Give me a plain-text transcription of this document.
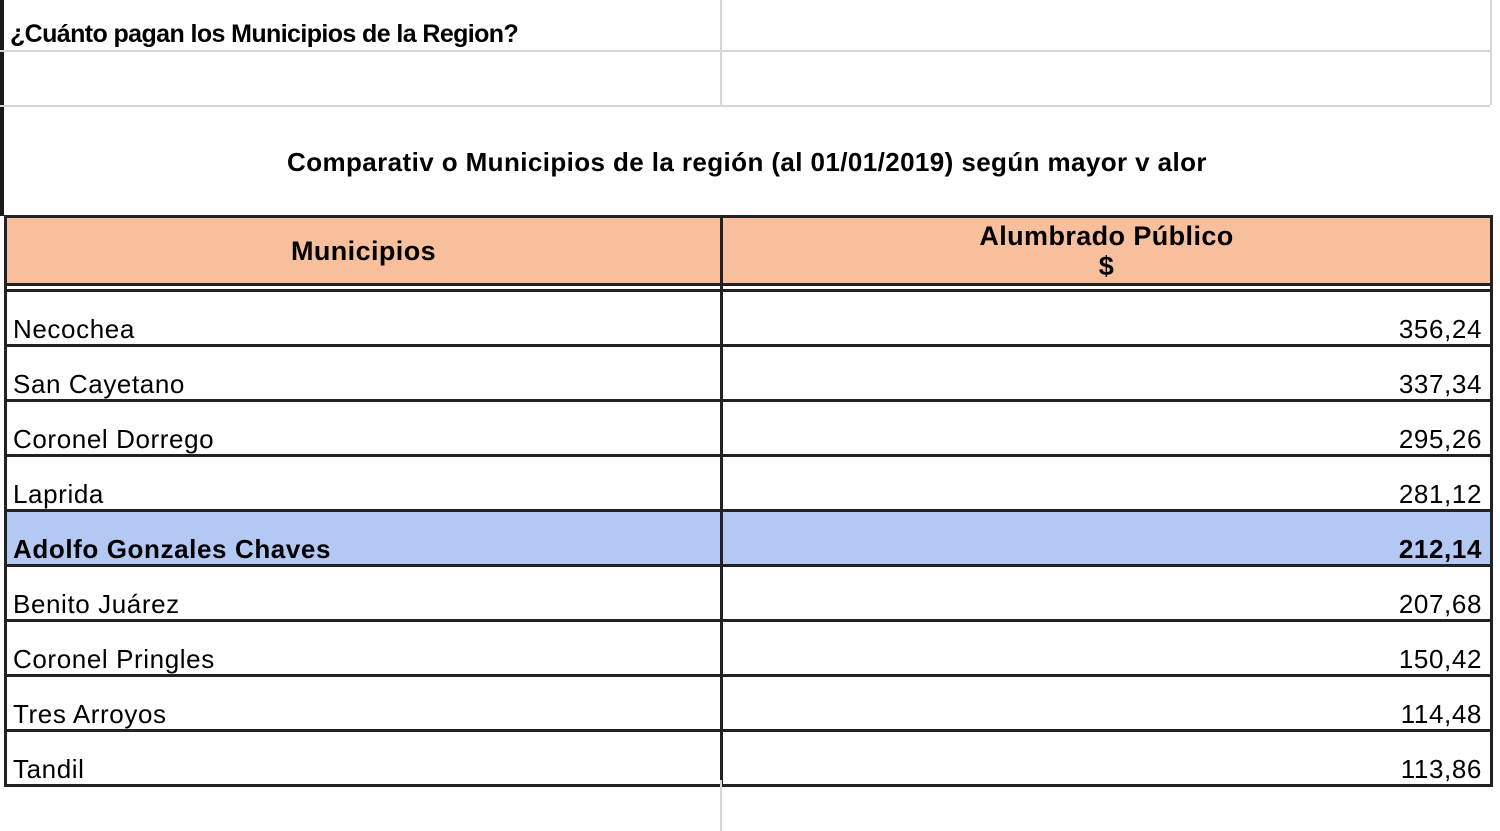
¿Cuánto pagan los Municipios de la Region?
Comparativ o Municipios de la región (al 01/01/2019) según mayor v alor
Municipios	Alumbrado Público
$

Necochea	356,24
San Cayetano	337,34
Coronel Dorrego	295,26
Laprida	281,12
Adolfo Gonzales Chaves	212,14
Benito Juárez	207,68
Coronel Pringles	150,42
Tres Arroyos	114,48
Tandil	113,86
